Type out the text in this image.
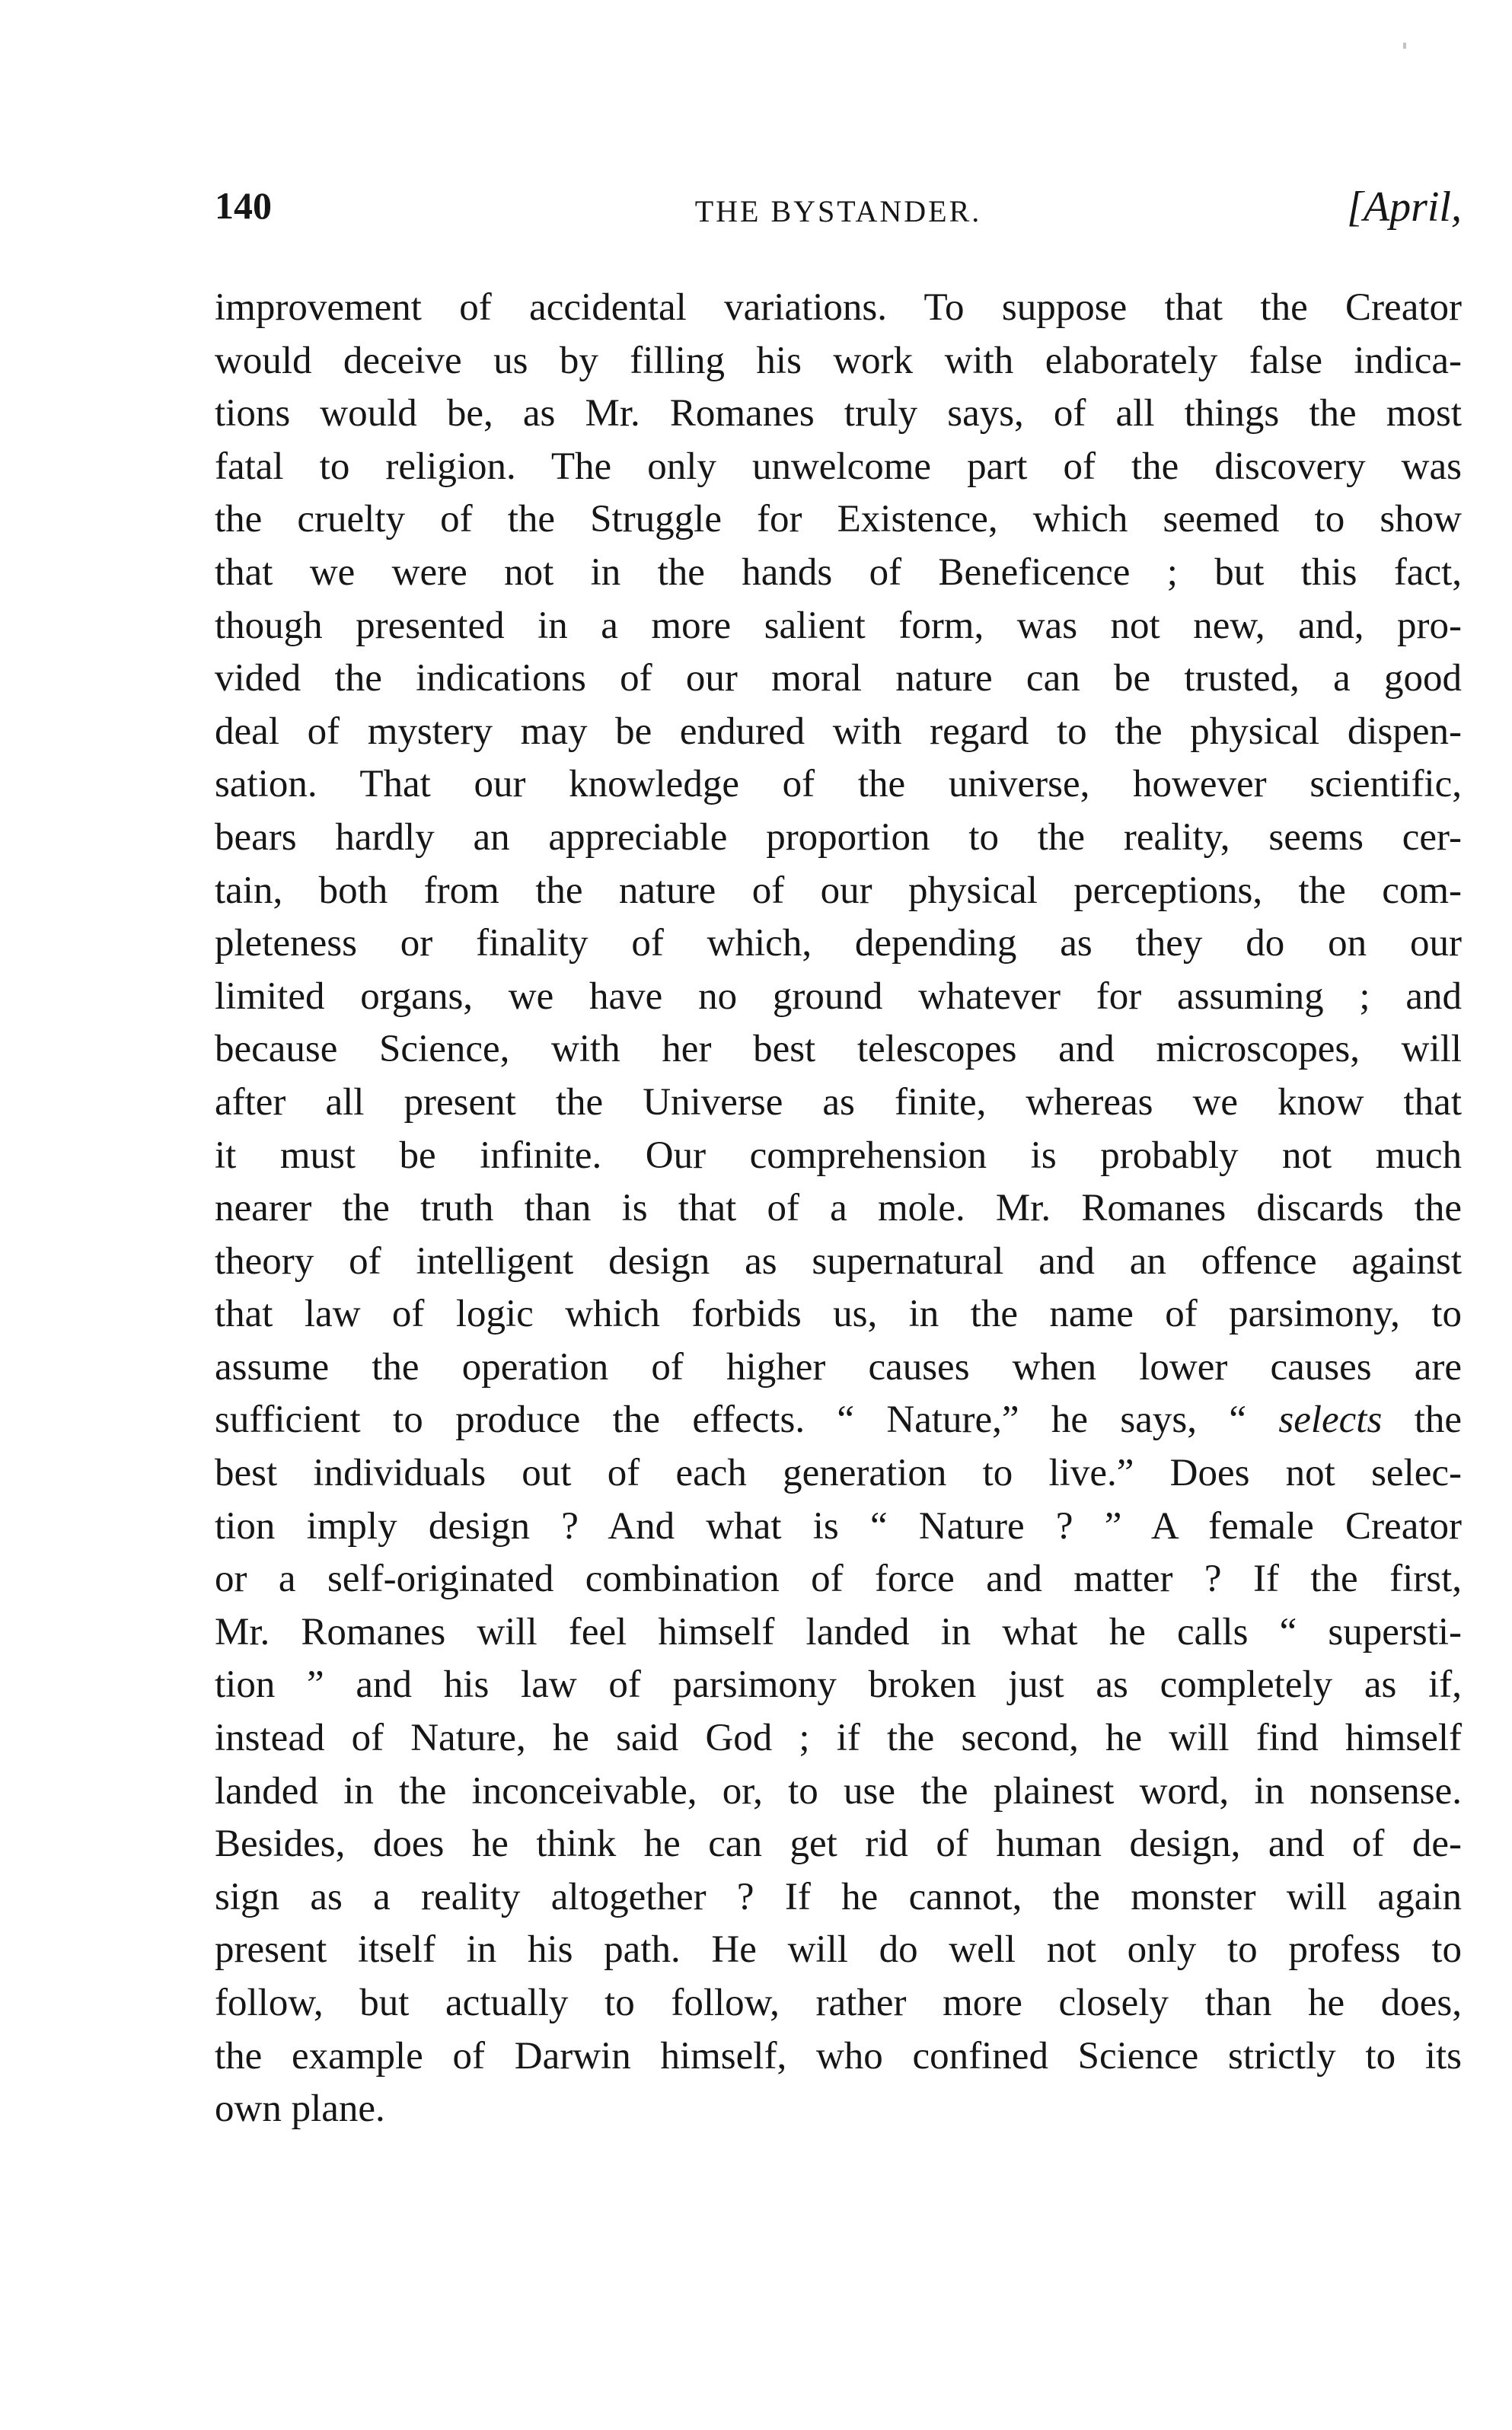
140	THE BYSTANDER.	[April,
improvement of accidental variations. To suppose that the Creator
would deceive us by filling his work with elaborately false indica-
tions would be, as Mr. Romanes truly says, of all things the most
fatal to religion. The only unwelcome part of the discovery was
the cruelty of the Struggle for Existence, which seemed to show
that we were not in the hands of Beneficence ; but this fact,
though presented in a more salient form, was not new, and, pro-
vided the indications of our moral nature can be trusted, a good
deal of mystery may be endured with regard to the physical dispen-
sation. That our knowledge of the universe, however scientific,
bears hardly an appreciable proportion to the reality, seems cer-
tain, both from the nature of our physical perceptions, the com-
pleteness or finality of which, depending as they do on our
limited organs, we have no ground whatever for assuming ; and
because Science, with her best telescopes and microscopes, will
after all present the Universe as finite, whereas we know that
it must be infinite. Our comprehension is probably not much
nearer the truth than is that of a mole. Mr. Romanes discards the
theory of intelligent design as supernatural and an offence against
that law of logic which forbids us, in the name of parsimony, to
assume the operation of higher causes when lower causes are
sufficient to produce the effects. “ Nature,” he says, “ selects the
best individuals out of each generation to live.” Does not selec-
tion imply design ? And what is “ Nature ? ” A female Creator
or a self-originated combination of force and matter ? If the first,
Mr. Romanes will feel himself landed in what he calls “ supersti-
tion ” and his law of parsimony broken just as completely as if,
instead of Nature, he said God ; if the second, he will find himself
landed in the inconceivable, or, to use the plainest word, in nonsense.
Besides, does he think he can get rid of human design, and of de-
sign as a reality altogether ? If he cannot, the monster will again
present itself in his path. He will do well not only to profess to
follow, but actually to follow, rather more closely than he does,
the example of Darwin himself, who confined Science strictly to its
own plane.
